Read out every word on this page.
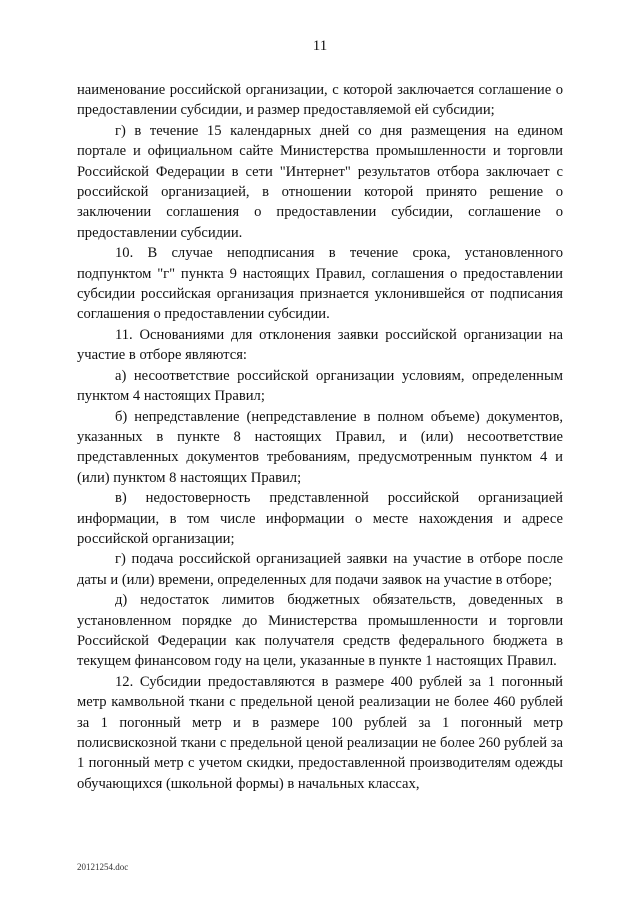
11

наименование российской организации, с которой заключается соглашение о предоставлении субсидии, и размер предоставляемой ей субсидии;

г) в течение 15 календарных дней со дня размещения на едином портале и официальном сайте Министерства промышленности и торговли Российской Федерации в сети "Интернет" результатов отбора заключает с российской организацией, в отношении которой принято решение о заключении соглашения о предоставлении субсидии, соглашение о предоставлении субсидии.

10. В случае неподписания в течение срока, установленного подпунктом "г" пункта 9 настоящих Правил, соглашения о предоставлении субсидии российская организация признается уклонившейся от подписания соглашения о предоставлении субсидии.

11. Основаниями для отклонения заявки российской организации на участие в отборе являются:

а) несоответствие российской организации условиям, определенным пунктом 4 настоящих Правил;

б) непредставление (непредставление в полном объеме) документов, указанных в пункте 8 настоящих Правил, и (или) несоответствие представленных документов требованиям, предусмотренным пунктом 4 и (или) пунктом 8 настоящих Правил;

в) недостоверность представленной российской организацией информации, в том числе информации о месте нахождения и адресе российской организации;

г) подача российской организацией заявки на участие в отборе после даты и (или) времени, определенных для подачи заявок на участие в отборе;

д) недостаток лимитов бюджетных обязательств, доведенных в установленном порядке до Министерства промышленности и торговли Российской Федерации как получателя средств федерального бюджета в текущем финансовом году на цели, указанные в пункте 1 настоящих Правил.

12. Субсидии предоставляются в размере 400 рублей за 1 погонный метр камвольной ткани с предельной ценой реализации не более 460 рублей за 1 погонный метр и в размере 100 рублей за 1 погонный метр полисвискозной ткани с предельной ценой реализации не более 260 рублей за 1 погонный метр с учетом скидки, предоставленной производителям одежды обучающихся (школьной формы) в начальных классах,

20121254.doc
